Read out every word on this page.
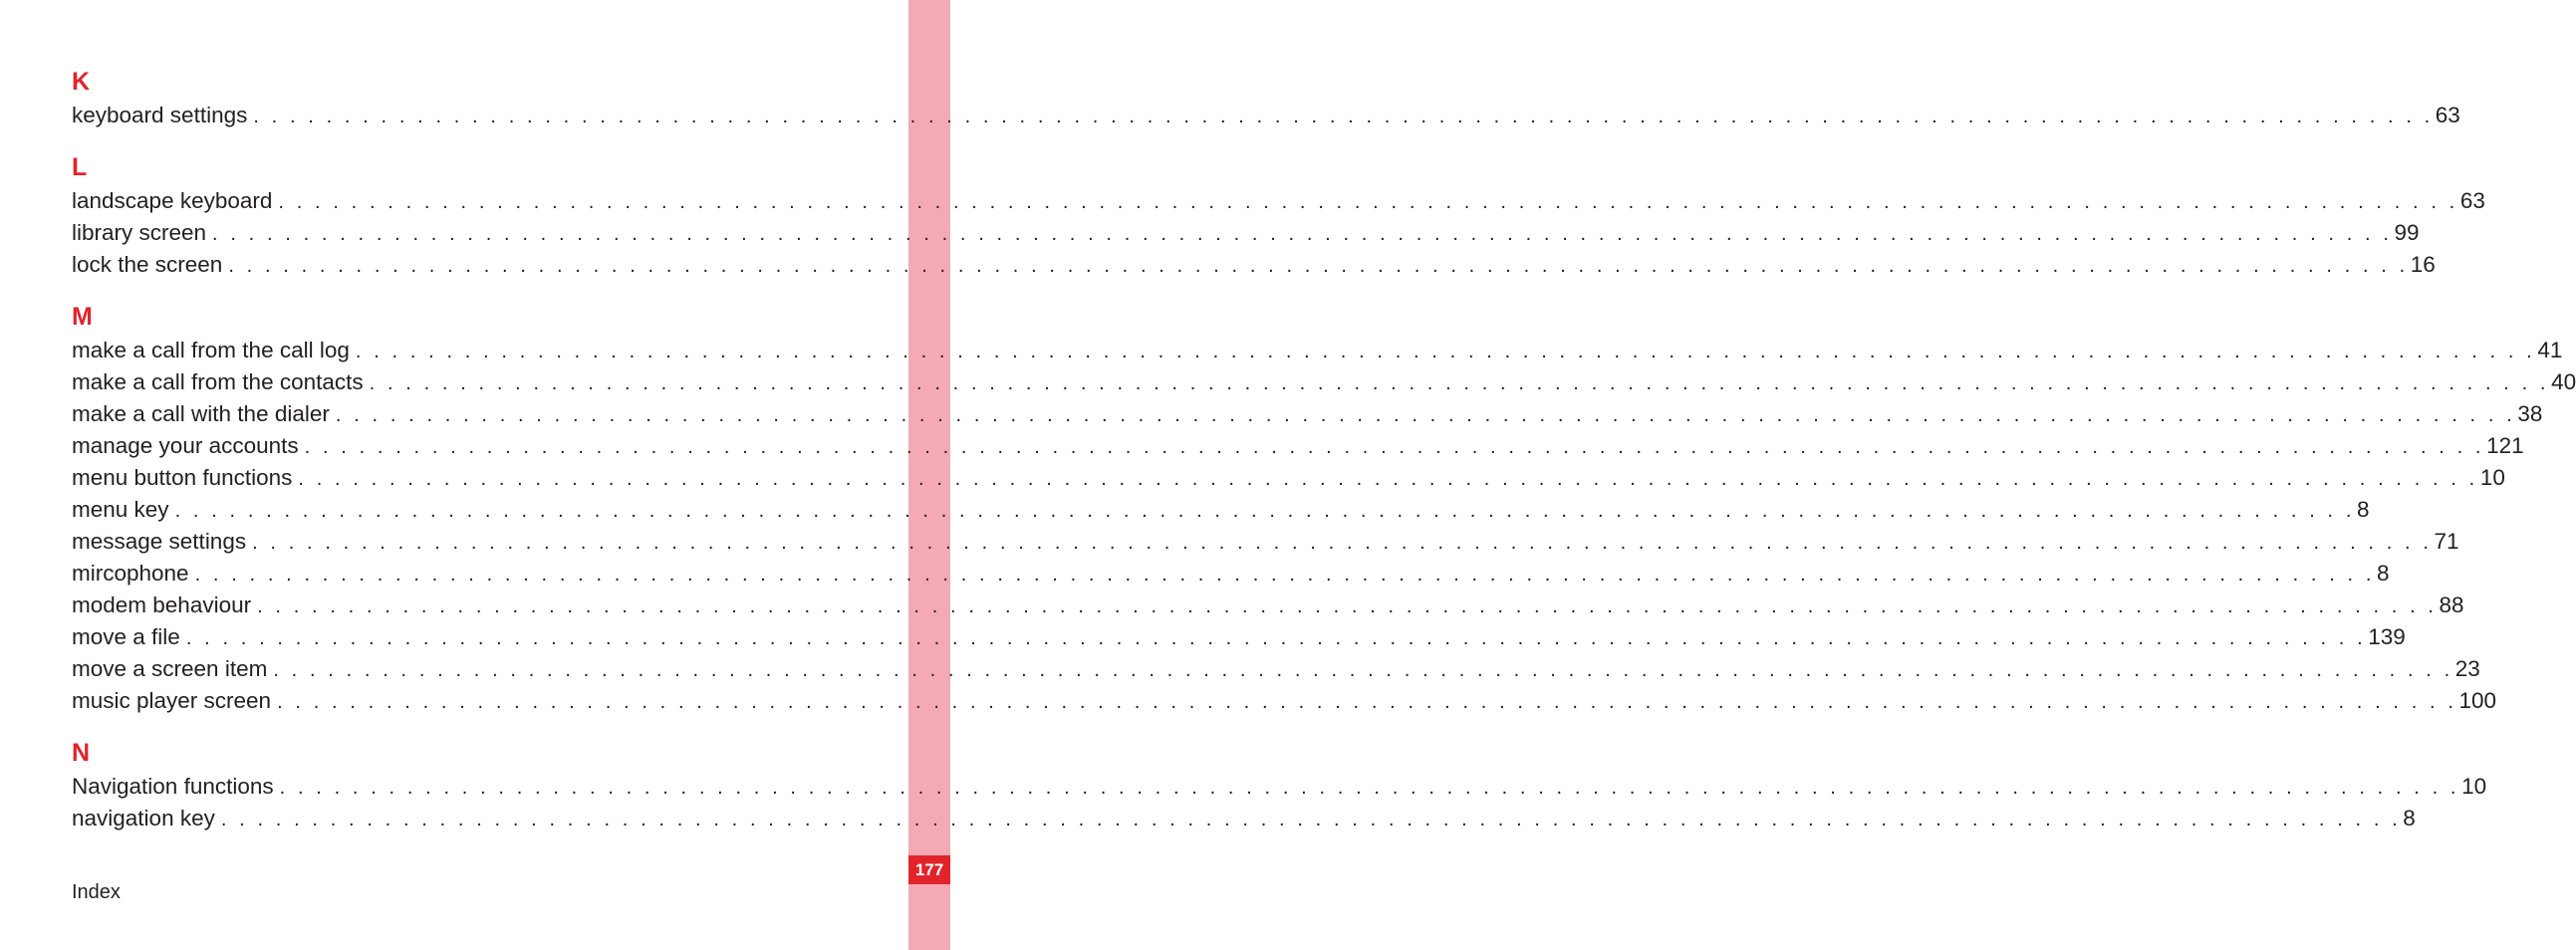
177
K
keyboard settings . . . . . . . . . . . . . . . . . . . . . . . . . . . . . . . . . . . . . . . . . . . . . . . . . . . . . . . . . . . . . . . . . . . . . . . . . . . . . . . . . . . . . . . . . . . . . . . . . . . . . . . . . . . . . . . . . . . . . . . . 63
L
landscape keyboard . . . . . . . . . . . . . . . . . . . . . . . . . . . . . . . . . . . . . . . . . . . . . . . . . . . . . . . . . . . . . . . . . . . . . . . . . . . . . . . . . . . . . . . . . . . . . . . . . . . . . . . . . . . . . . . . . . . . . . . . 63
library screen . . . . . . . . . . . . . . . . . . . . . . . . . . . . . . . . . . . . . . . . . . . . . . . . . . . . . . . . . . . . . . . . . . . . . . . . . . . . . . . . . . . . . . . . . . . . . . . . . . . . . . . . . . . . . . . . . . . . . . . . 99
lock the screen . . . . . . . . . . . . . . . . . . . . . . . . . . . . . . . . . . . . . . . . . . . . . . . . . . . . . . . . . . . . . . . . . . . . . . . . . . . . . . . . . . . . . . . . . . . . . . . . . . . . . . . . . . . . . . . . . . . . . . . . 16
M
make a call from the call log . . . . . . . . . . . . . . . . . . . . . . . . . . . . . . . . . . . . . . . . . . . . . . . . . . . . . . . . . . . . . . . . . . . . . . . . . . . . . . . . . . . . . . . . . . . . . . . . . . . . . . . . . . . . . . . . . . . . . . . . 41
make a call from the contacts . . . . . . . . . . . . . . . . . . . . . . . . . . . . . . . . . . . . . . . . . . . . . . . . . . . . . . . . . . . . . . . . . . . . . . . . . . . . . . . . . . . . . . . . . . . . . . . . . . . . . . . . . . . . . . . . . . . . . . . . 40
make a call with the dialer . . . . . . . . . . . . . . . . . . . . . . . . . . . . . . . . . . . . . . . . . . . . . . . . . . . . . . . . . . . . . . . . . . . . . . . . . . . . . . . . . . . . . . . . . . . . . . . . . . . . . . . . . . . . . . . . . . . . . . . . 38
manage your accounts . . . . . . . . . . . . . . . . . . . . . . . . . . . . . . . . . . . . . . . . . . . . . . . . . . . . . . . . . . . . . . . . . . . . . . . . . . . . . . . . . . . . . . . . . . . . . . . . . . . . . . . . . . . . . . . . . . . . . . . . 121
menu button functions . . . . . . . . . . . . . . . . . . . . . . . . . . . . . . . . . . . . . . . . . . . . . . . . . . . . . . . . . . . . . . . . . . . . . . . . . . . . . . . . . . . . . . . . . . . . . . . . . . . . . . . . . . . . . . . . . . . . . . . . 10
menu key . . . . . . . . . . . . . . . . . . . . . . . . . . . . . . . . . . . . . . . . . . . . . . . . . . . . . . . . . . . . . . . . . . . . . . . . . . . . . . . . . . . . . . . . . . . . . . . . . . . . . . . . . . . . . . . . . . . . . . . . 8
message settings . . . . . . . . . . . . . . . . . . . . . . . . . . . . . . . . . . . . . . . . . . . . . . . . . . . . . . . . . . . . . . . . . . . . . . . . . . . . . . . . . . . . . . . . . . . . . . . . . . . . . . . . . . . . . . . . . . . . . . . . 71
mircophone . . . . . . . . . . . . . . . . . . . . . . . . . . . . . . . . . . . . . . . . . . . . . . . . . . . . . . . . . . . . . . . . . . . . . . . . . . . . . . . . . . . . . . . . . . . . . . . . . . . . . . . . . . . . . . . . . . . . . . . . 8
modem behaviour . . . . . . . . . . . . . . . . . . . . . . . . . . . . . . . . . . . . . . . . . . . . . . . . . . . . . . . . . . . . . . . . . . . . . . . . . . . . . . . . . . . . . . . . . . . . . . . . . . . . . . . . . . . . . . . . . . . . . . . . 88
move a file . . . . . . . . . . . . . . . . . . . . . . . . . . . . . . . . . . . . . . . . . . . . . . . . . . . . . . . . . . . . . . . . . . . . . . . . . . . . . . . . . . . . . . . . . . . . . . . . . . . . . . . . . . . . . . . . . . . . . . . . 139
move a screen item . . . . . . . . . . . . . . . . . . . . . . . . . . . . . . . . . . . . . . . . . . . . . . . . . . . . . . . . . . . . . . . . . . . . . . . . . . . . . . . . . . . . . . . . . . . . . . . . . . . . . . . . . . . . . . . . . . . . . . . . 23
music player screen . . . . . . . . . . . . . . . . . . . . . . . . . . . . . . . . . . . . . . . . . . . . . . . . . . . . . . . . . . . . . . . . . . . . . . . . . . . . . . . . . . . . . . . . . . . . . . . . . . . . . . . . . . . . . . . . . . . . . . . . 100
N
Navigation functions . . . . . . . . . . . . . . . . . . . . . . . . . . . . . . . . . . . . . . . . . . . . . . . . . . . . . . . . . . . . . . . . . . . . . . . . . . . . . . . . . . . . . . . . . . . . . . . . . . . . . . . . . . . . . . . . . . . . . . . . 10
navigation key . . . . . . . . . . . . . . . . . . . . . . . . . . . . . . . . . . . . . . . . . . . . . . . . . . . . . . . . . . . . . . . . . . . . . . . . . . . . . . . . . . . . . . . . . . . . . . . . . . . . . . . . . . . . . . . . . . . . . . . . 8
Index
